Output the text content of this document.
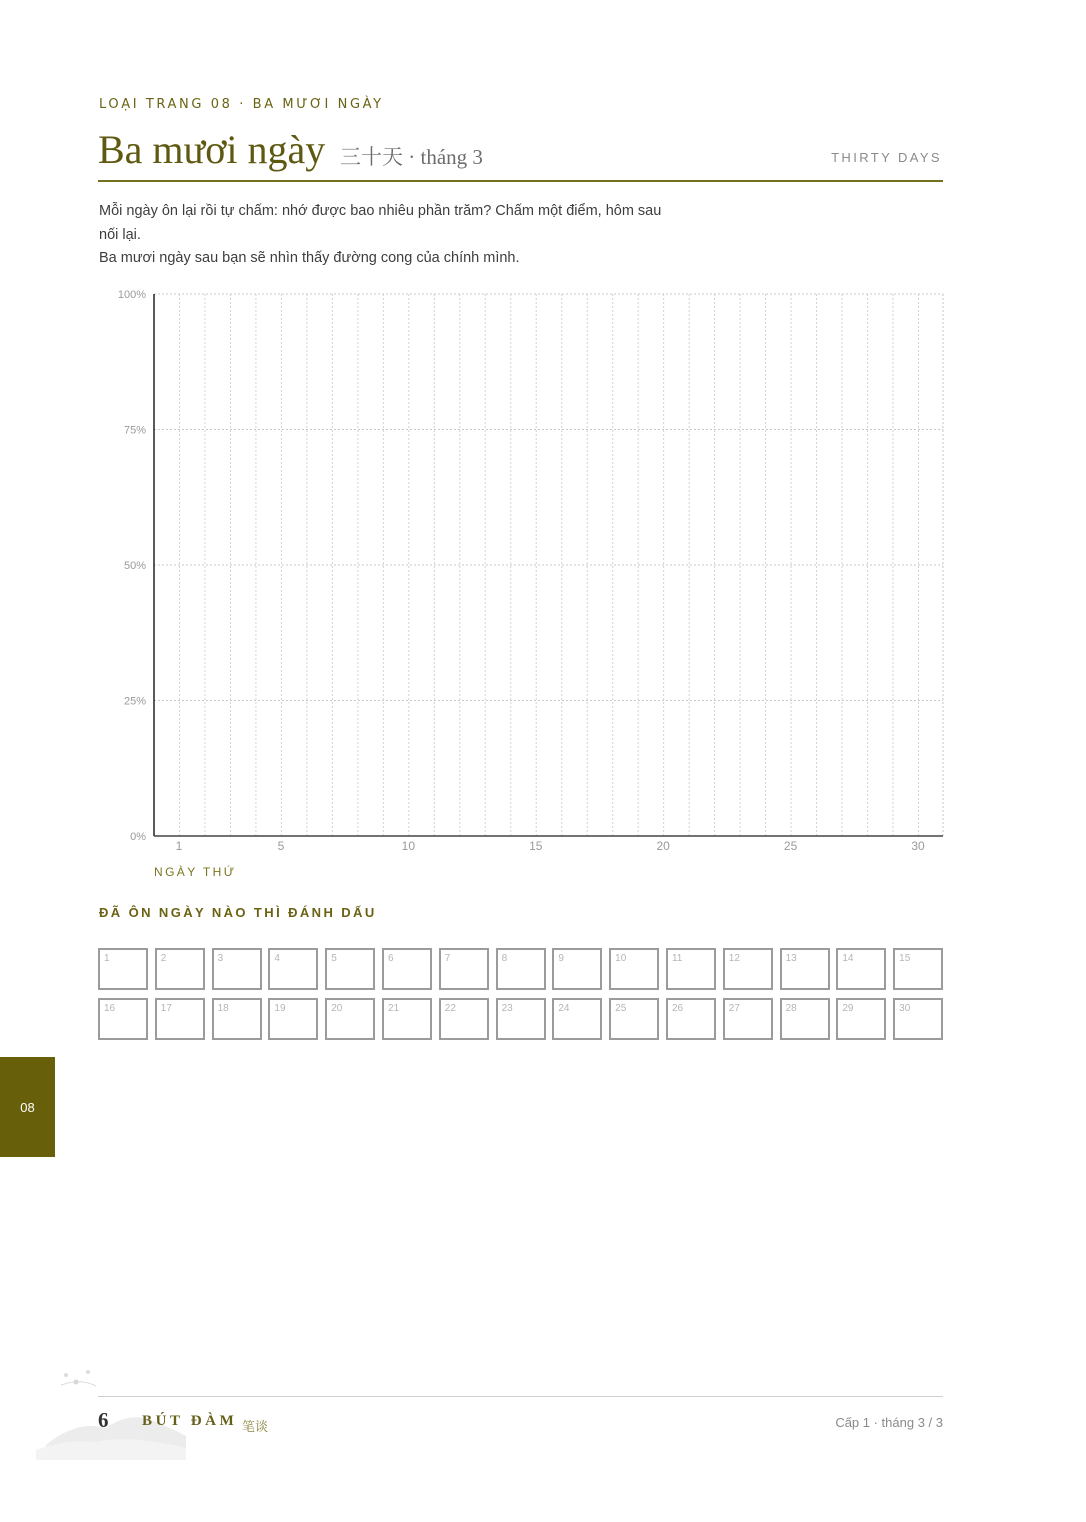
LOẠI TRANG 08 · BA MƯƠI NGÀY
Ba mươi ngày 三十天 · tháng 3	THIRTY DAYS

Mỗi ngày ôn lại rồi tự chấm: nhớ được bao nhiêu phần trăm? Chấm một điểm, hôm sau nối lại.

Ba mươi ngày sau bạn sẽ nhìn thấy đường cong của chính mình.

0%
25%
50%
75%
100%
1	5	10	15	20	25	30
NGÀY THỨ
ĐÃ ÔN NGÀY NÀO THÌ ĐÁNH DẤU
1	2	3	4	5	6	7	8	9	10	11	12	13	14	15
16	17	18	19	20	21	22	23	24	25	26	27	28	29	30
08
6 BÚT ĐÀM 笔谈	Cấp 1 · tháng 3 / 3
